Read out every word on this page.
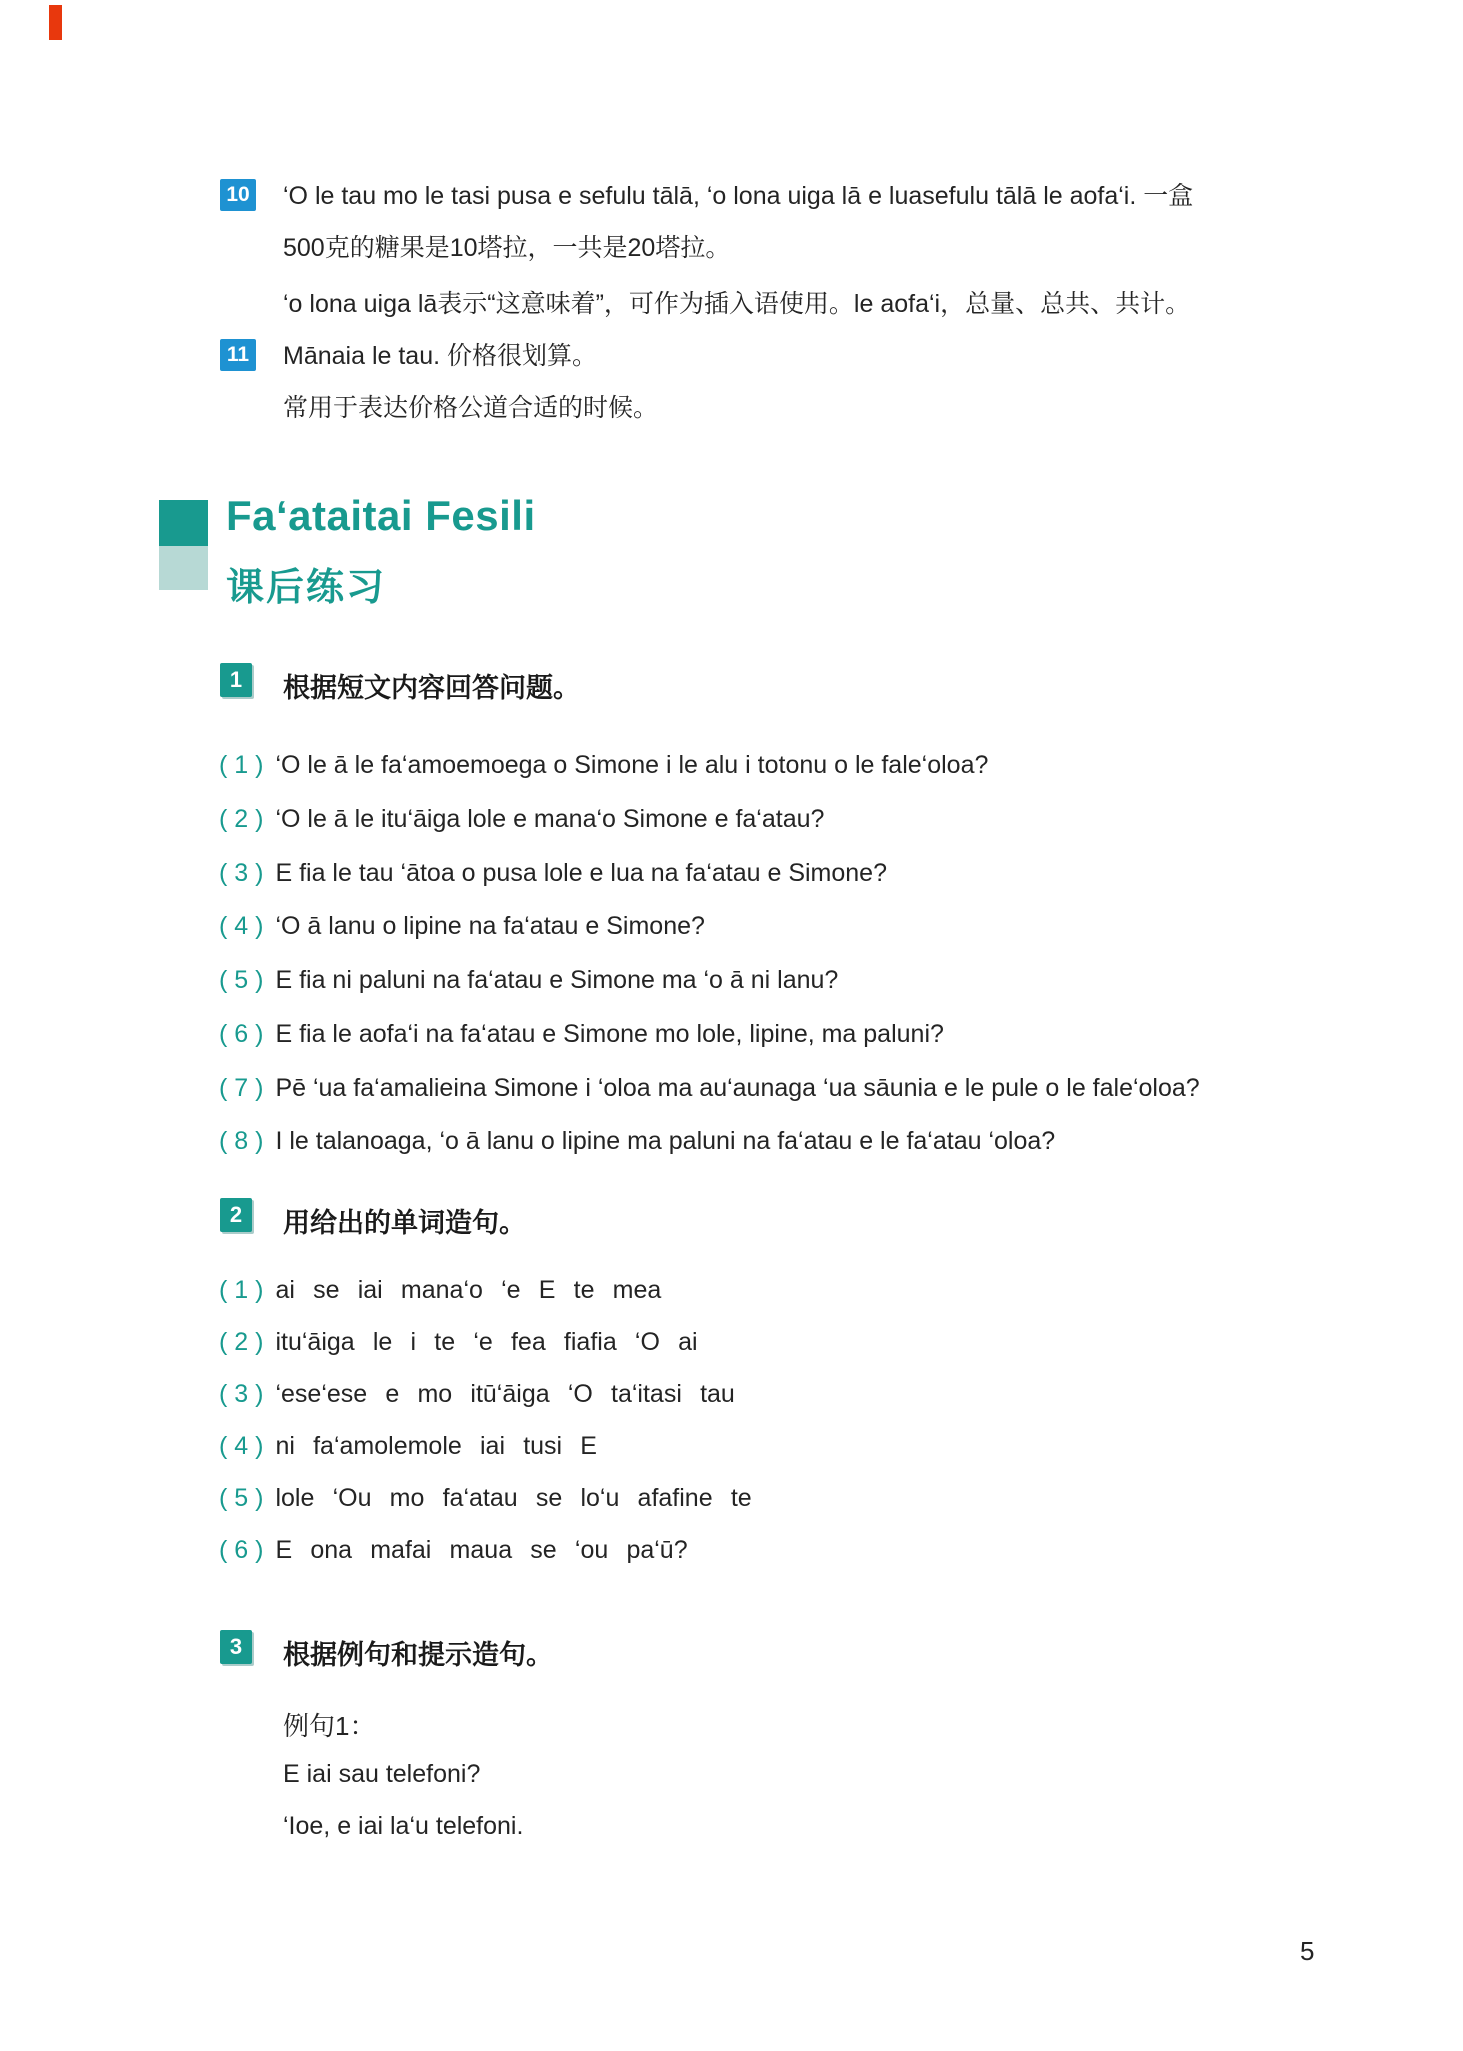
10 ‘O le tau mo le tasi pusa e sefulu tālā, ‘o lona uiga lā e luasefulu tālā le aofa‘i. 一盒
500克的糖果是10塔拉，一共是20塔拉。
‘o lona uiga lā表示“这意味着”，可作为插入语使用。le aofa‘i，总量、总共、共计。
11 Mānaia le tau. 价格很划算。
常用于表达价格公道合适的时候。
Fa‘ataitai Fesili
课后练习
1	根据短文内容回答问题。
( 1 ) ‘O le ā le fa‘amoemoega o Simone i le alu i totonu o le fale‘oloa?
( 2 ) ‘O le ā le itu‘āiga lole e mana‘o Simone e fa‘atau?
( 3 ) E fia le tau ‘ātoa o pusa lole e lua na fa‘atau e Simone?
( 4 ) ‘O ā lanu o lipine na fa‘atau e Simone?
( 5 ) E fia ni paluni na fa‘atau e Simone ma ‘o ā ni lanu?
( 6 ) E fia le aofa‘i na fa‘atau e Simone mo lole, lipine, ma paluni?
( 7 ) Pē ‘ua fa‘amalieina Simone i ‘oloa ma au‘aunaga ‘ua sāunia e le pule o le fale‘oloa?
( 8 ) I le talanoaga, ‘o ā lanu o lipine ma paluni na fa‘atau e le fa‘atau ‘oloa?
2	用给出的单词造句。
( 1 ) ai se iai mana‘o ‘e E te mea
( 2 ) itu‘āiga le i te ‘e fea fiafia ‘O ai
( 3 ) ‘ese‘ese e mo itū‘āiga ‘O ta‘itasi tau
( 4 ) ni fa‘amolemole iai tusi E
( 5 ) lole ‘Ou mo fa‘atau se lo‘u afafine te
( 6 ) E ona mafai maua se ‘ou pa‘ū?
3	根据例句和提示造句。
例句1：
E iai sau telefoni?
‘Ioe, e iai la‘u telefoni.
5
